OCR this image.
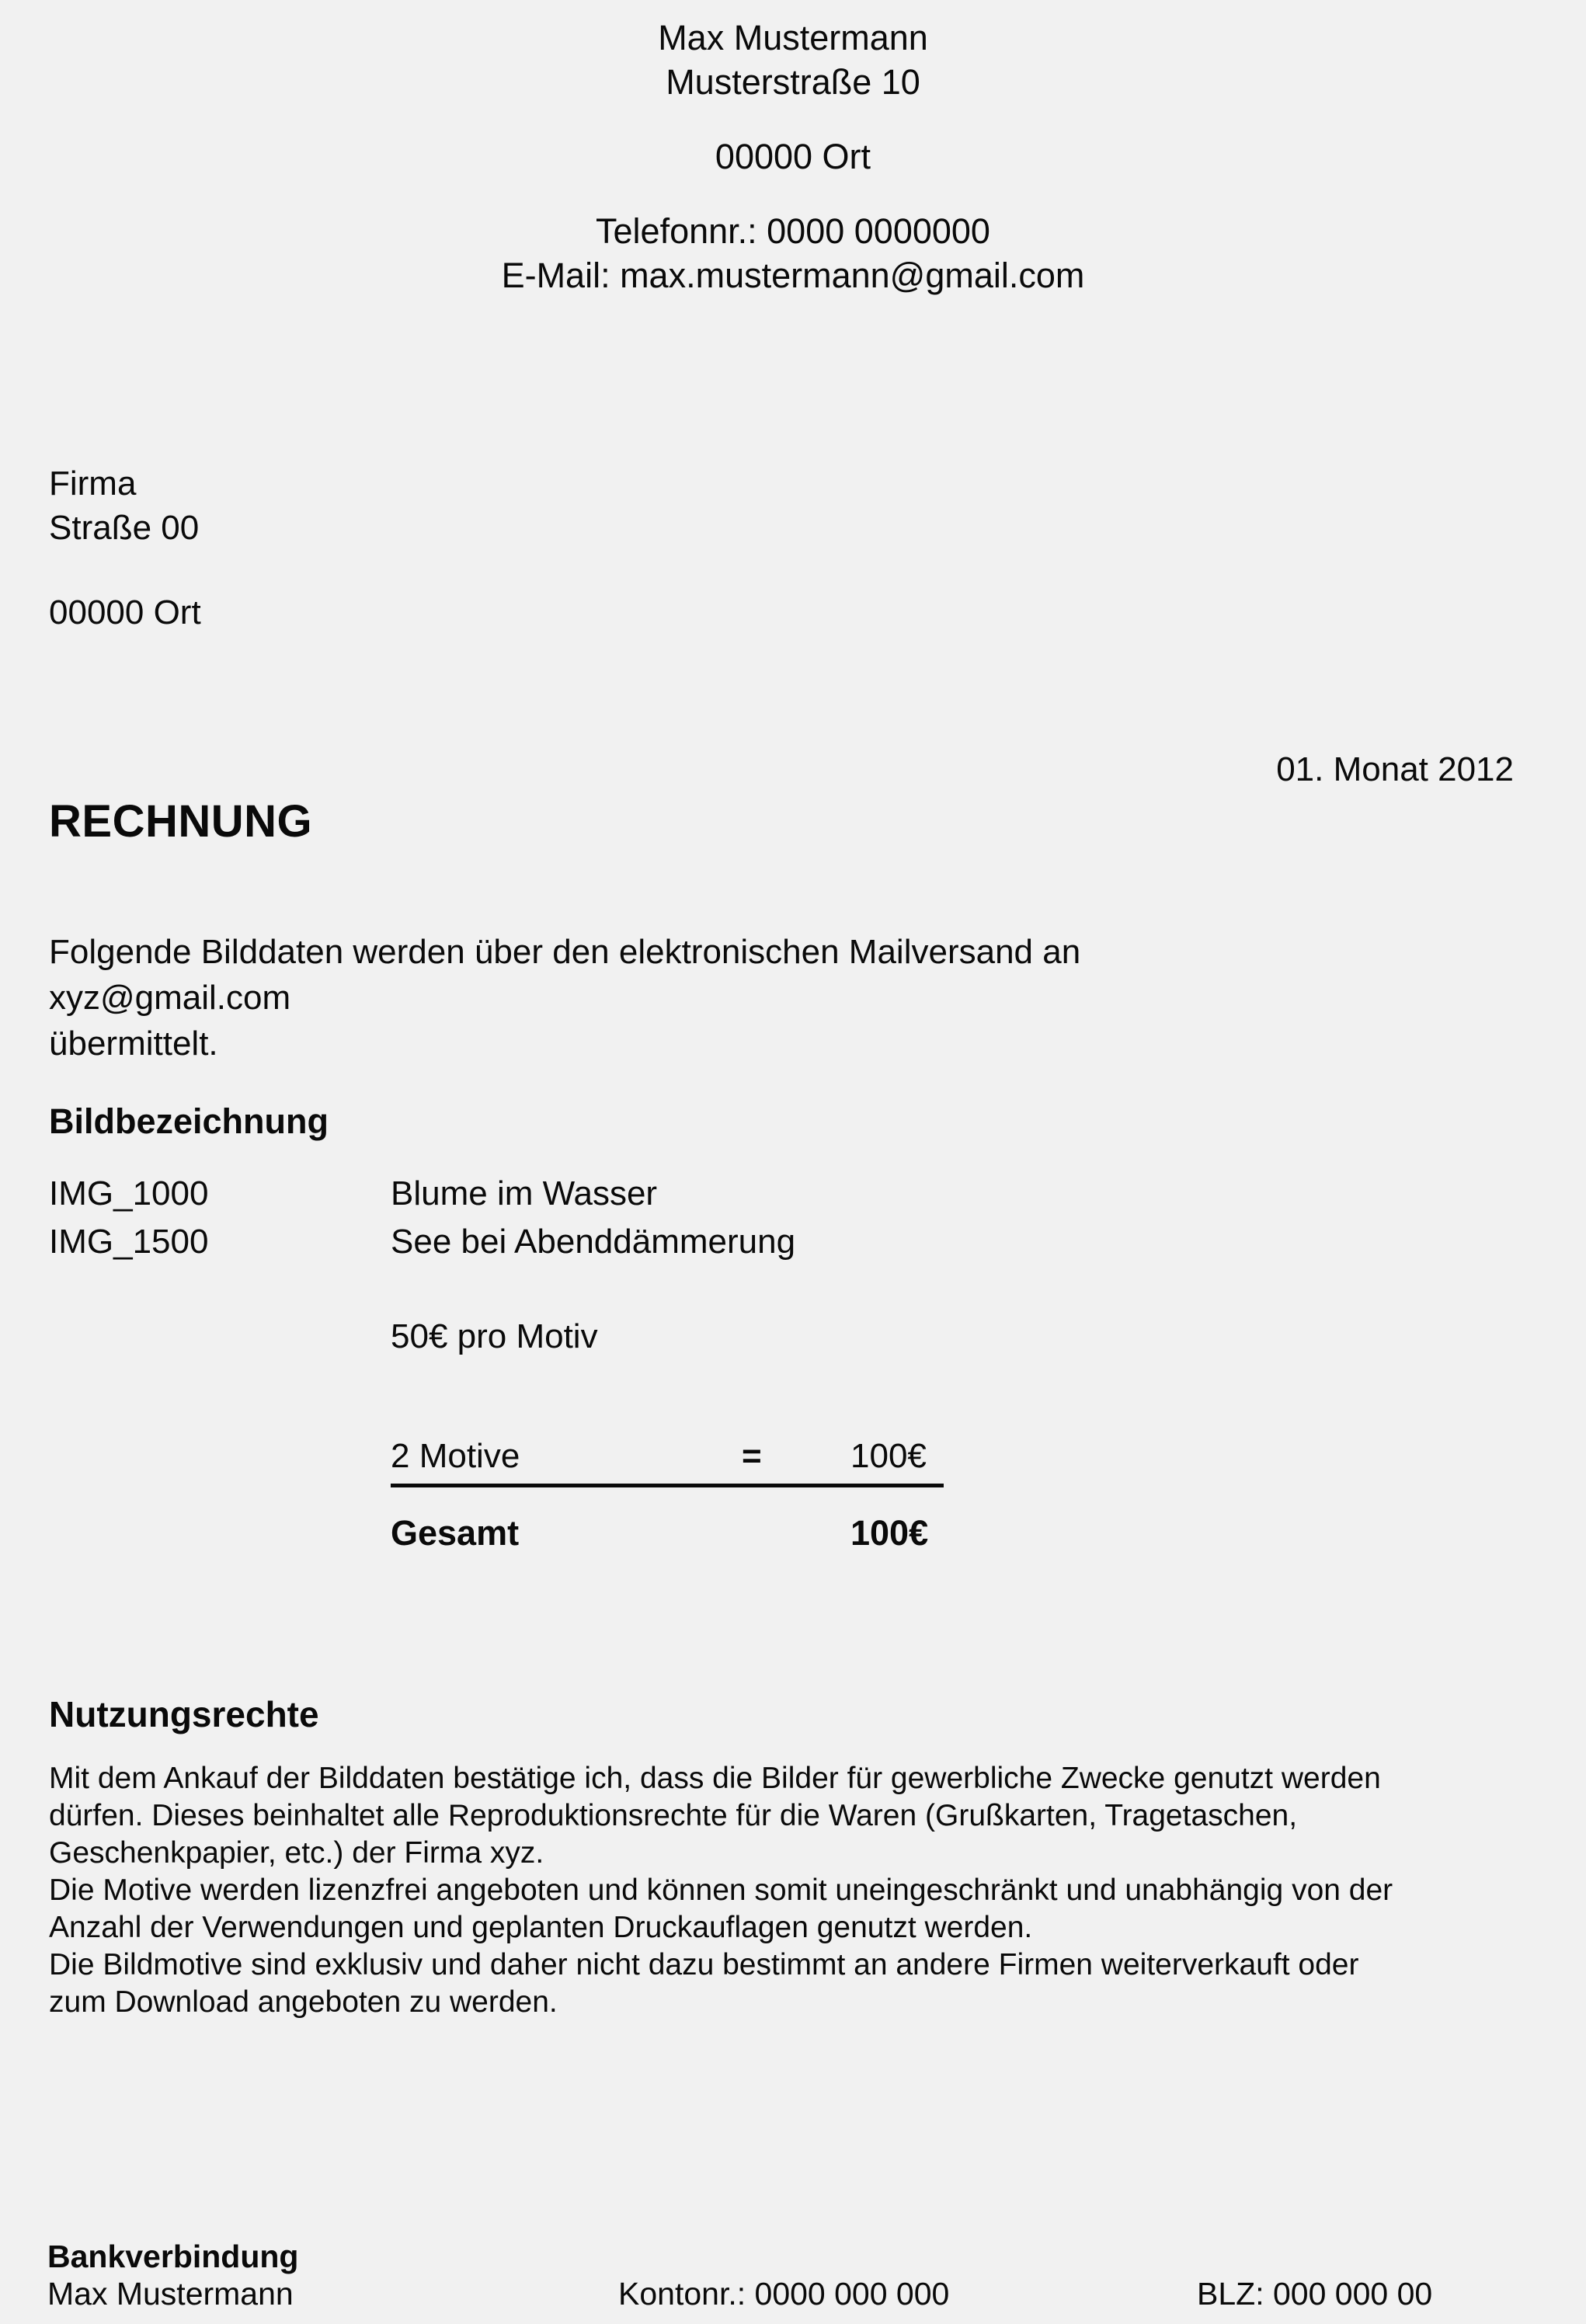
Max Mustermann
Musterstraße 10
00000 Ort
Telefonnr.: 0000 0000000
E-Mail: max.mustermann@gmail.com
Firma
Straße 00
00000 Ort
01. Monat 2012
RECHNUNG
Folgende Bilddaten werden über den elektronischen Mailversand an
xyz@gmail.com
übermittelt.
Bildbezeichnung
IMG_1000	Blume im Wasser
IMG_1500	See bei Abenddämmerung
50€ pro Motiv
2 Motive	=	100€
Gesamt	100€
Nutzungsrechte
Mit dem Ankauf der Bilddaten bestätige ich, dass die Bilder für gewerbliche Zwecke genutzt werden
dürfen. Dieses beinhaltet alle Reproduktionsrechte für die Waren (Grußkarten, Tragetaschen,
Geschenkpapier, etc.) der Firma xyz.
Die Motive werden lizenzfrei angeboten und können somit uneingeschränkt und unabhängig von der
Anzahl der Verwendungen und geplanten Druckauflagen genutzt werden.
Die Bildmotive sind exklusiv und daher nicht dazu bestimmt an andere Firmen weiterverkauft oder
zum Download angeboten zu werden.
Bankverbindung
Max Mustermann	Kontonr.: 0000 000 000	BLZ: 000 000 00
